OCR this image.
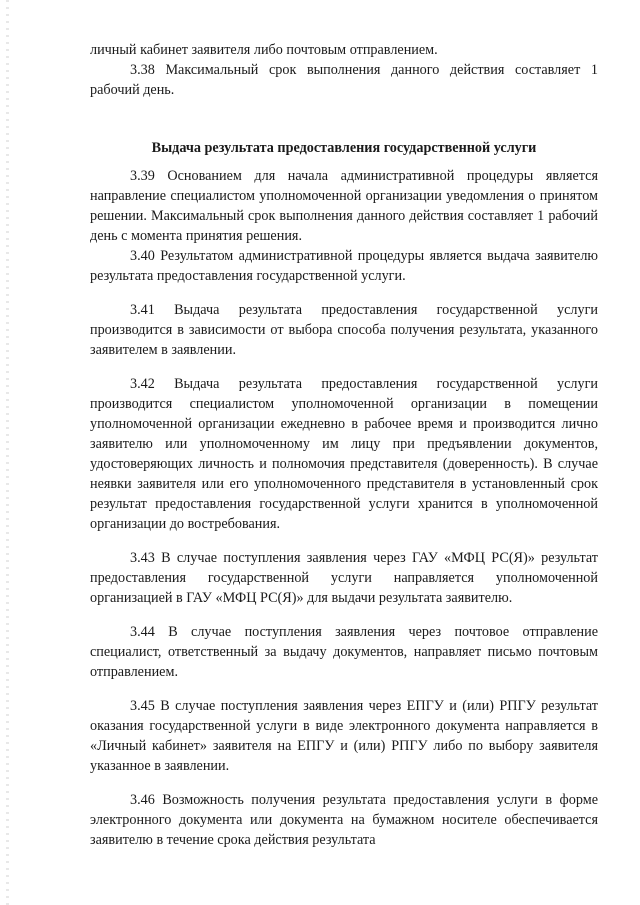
личный кабинет заявителя либо почтовым отправлением.

3.38 Максимальный срок выполнения данного действия составляет 1 рабочий день.

Выдача результата предоставления государственной услуги

3.39 Основанием для начала административной процедуры является направление специалистом уполномоченной организации уведомления о принятом решении. Максимальный срок выполнения данного действия составляет 1 рабочий день с момента принятия решения.

3.40 Результатом административной процедуры является выдача заявителю результата предоставления государственной услуги.

3.41 Выдача результата предоставления государственной услуги производится в зависимости от выбора способа получения результата, указанного заявителем в заявлении.

3.42 Выдача результата предоставления государственной услуги производится специалистом уполномоченной организации в помещении уполномоченной организации ежедневно в рабочее время и производится лично заявителю или уполномоченному им лицу при предъявлении документов, удостоверяющих личность и полномочия представителя (доверенность). В случае неявки заявителя или его уполномоченного представителя в установленный срок результат предоставления государственной услуги хранится в уполномоченной организации до востребования.

3.43 В случае поступления заявления через ГАУ «МФЦ РС(Я)» результат предоставления государственной услуги направляется уполномоченной организацией в ГАУ «МФЦ РС(Я)» для выдачи результата заявителю.

3.44 В случае поступления заявления через почтовое отправление специалист, ответственный за выдачу документов, направляет письмо почтовым отправлением.

3.45 В случае поступления заявления через ЕПГУ и (или) РПГУ результат оказания государственной услуги в виде электронного документа направляется в «Личный кабинет» заявителя на ЕПГУ и (или) РПГУ либо по выбору заявителя указанное в заявлении.

3.46 Возможность получения результата предоставления услуги в форме электронного документа или документа на бумажном носителе обеспечивается заявителю в течение срока действия результата
